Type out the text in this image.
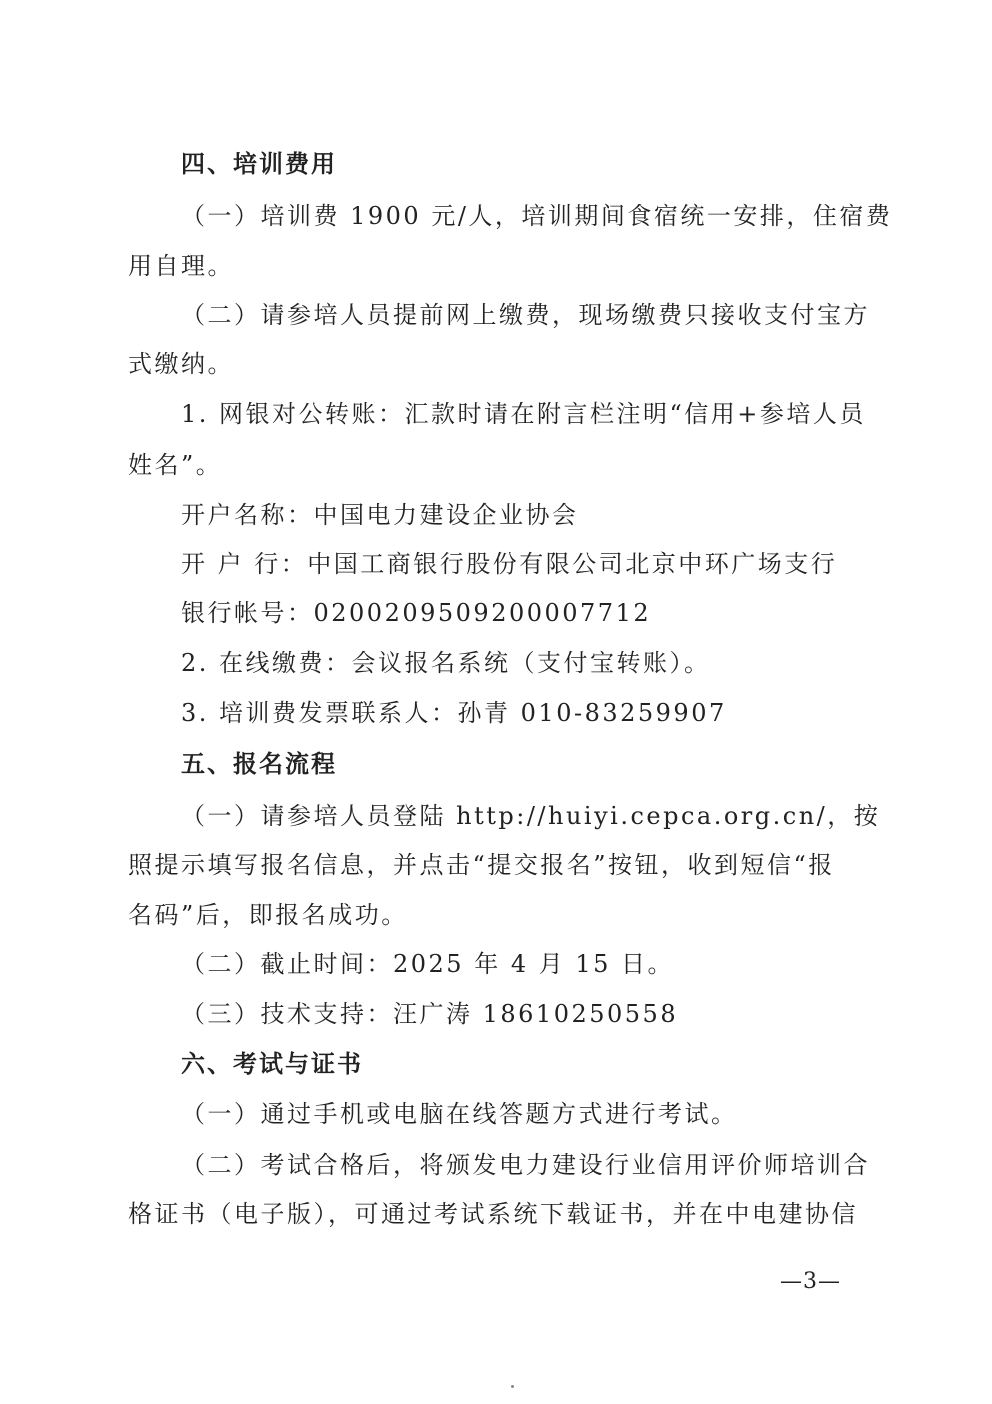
四、培训费用
（一）培训费 1900 元/人，培训期间食宿统一安排，住宿费
用自理。
（二）请参培人员提前网上缴费，现场缴费只接收支付宝方
式缴纳。
1. 网银对公转账：汇款时请在附言栏注明“信用+参培人员
姓名”。
开户名称：中国电力建设企业协会
开 户 行：中国工商银行股份有限公司北京中环广场支行
银行帐号：0200209509200007712
2. 在线缴费：会议报名系统（支付宝转账）。
3. 培训费发票联系人：孙青 010-83259907
五、报名流程
（一）请参培人员登陆 http://huiyi.cepca.org.cn/，按
照提示填写报名信息，并点击“提交报名”按钮，收到短信“报
名码”后，即报名成功。
（二）截止时间：2025 年 4 月 15 日。
（三）技术支持：汪广涛 18610250558
六、考试与证书
（一）通过手机或电脑在线答题方式进行考试。
（二）考试合格后，将颁发电力建设行业信用评价师培训合
格证书（电子版），可通过考试系统下载证书，并在中电建协信
—3—
